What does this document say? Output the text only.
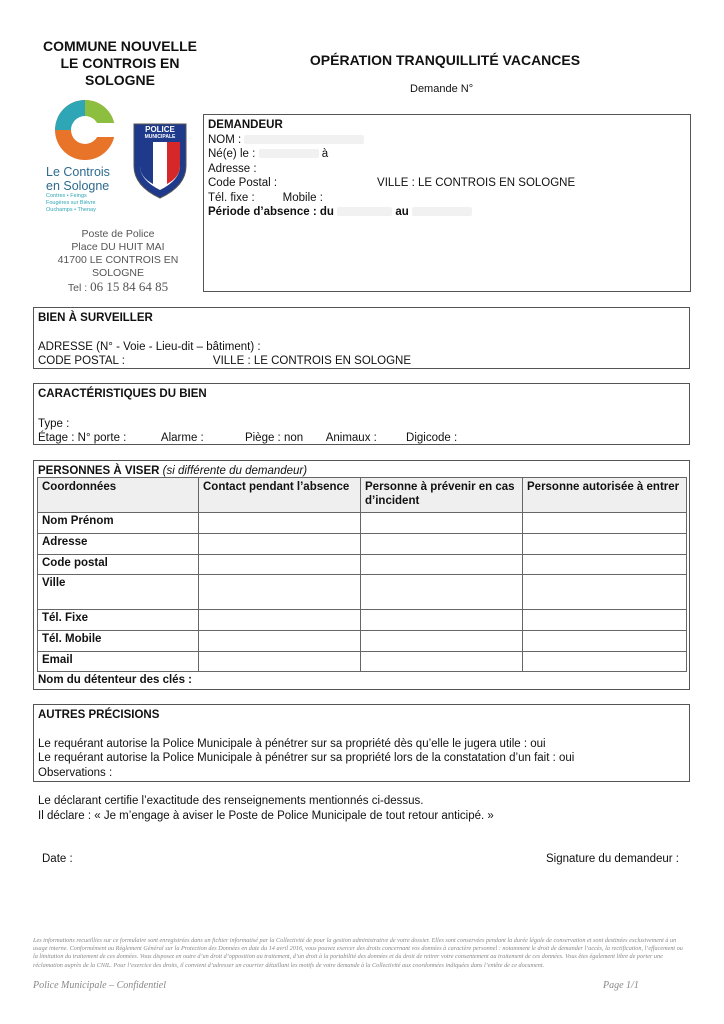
COMMUNE NOUVELLE
LE CONTROIS EN
SOLOGNE
OPÉRATION TRANQUILLITÉ VACANCES
Demande N°
Le Controis
en Sologne
Contres • Feings
Fougères sur Bièvre
Ouchamps • Thenay
POLICE
MUNICIPALE
Poste de Police
Place DU HUIT MAI
41700 LE CONTROIS EN
SOLOGNE
Tel : 06 15 84 64 85
DEMANDEUR
NOM :
Né(e) le :	à
Adresse :
Code Postal :	VILLE : LE CONTROIS EN SOLOGNE
Tél. fixe : Mobile :
Période d’absence : du	au
BIEN À SURVEILLER
ADRESSE (N° - Voie - Lieu-dit – bâtiment) :
CODE POSTAL :	VILLE : LE CONTROIS EN SOLOGNE
CARACTÉRISTIQUES DU BIEN
Type :
Étage : N° porte :	Alarme :	Piège : non Animaux :	Digicode :
PERSONNES À VISER (si différente du demandeur)
Nom du détenteur des clés :
Coordonnées	Contact pendant l’absence	Personne à prévenir en cas d’incident	Personne autorisée à entrer
Nom Prénom			
Adresse			
Code postal			
Ville			
Tél. Fixe			
Tél. Mobile			
Email			
AUTRES PRÉCISIONS
Le requérant autorise la Police Municipale à pénétrer sur sa propriété dès qu’elle le jugera utile : oui
Le requérant autorise la Police Municipale à pénétrer sur sa propriété lors de la constatation d’un fait : oui
Observations :
Le déclarant certifie l’exactitude des renseignements mentionnés ci-dessus.
Il déclare : « Je m’engage à aviser le Poste de Police Municipale de tout retour anticipé. »
Date :	Signature du demandeur :
Les informations recueillies sur ce formulaire sont enregistrées dans un fichier informatisé par la Collectivité de pour la gestion administrative de votre dossier. Elles sont conservées pendant la durée légale de conservation et sont destinées exclusivement à un usage interne. Conformément au Règlement Général sur la Protection des Données en date du 14 avril 2016, vous pouvez exercer des droits concernant vos données à caractère personnel : notamment le droit de demander l’accès, la rectification, l’effacement ou la limitation du traitement de ces données. Vous disposez en outre d’un droit d’opposition au traitement, d’un droit à la portabilité des données et du droit de retirer votre consentement au traitement de ces données. Vous êtes également libre de porter une réclamation auprès de la CNIL. Pour l’exercice des droits, il convient d’adresser un courrier détaillant les motifs de votre demande à la Collectivité aux coordonnées indiquées dans l’entête de ce document.
Police Municipale – Confidentiel	Page 1/1
